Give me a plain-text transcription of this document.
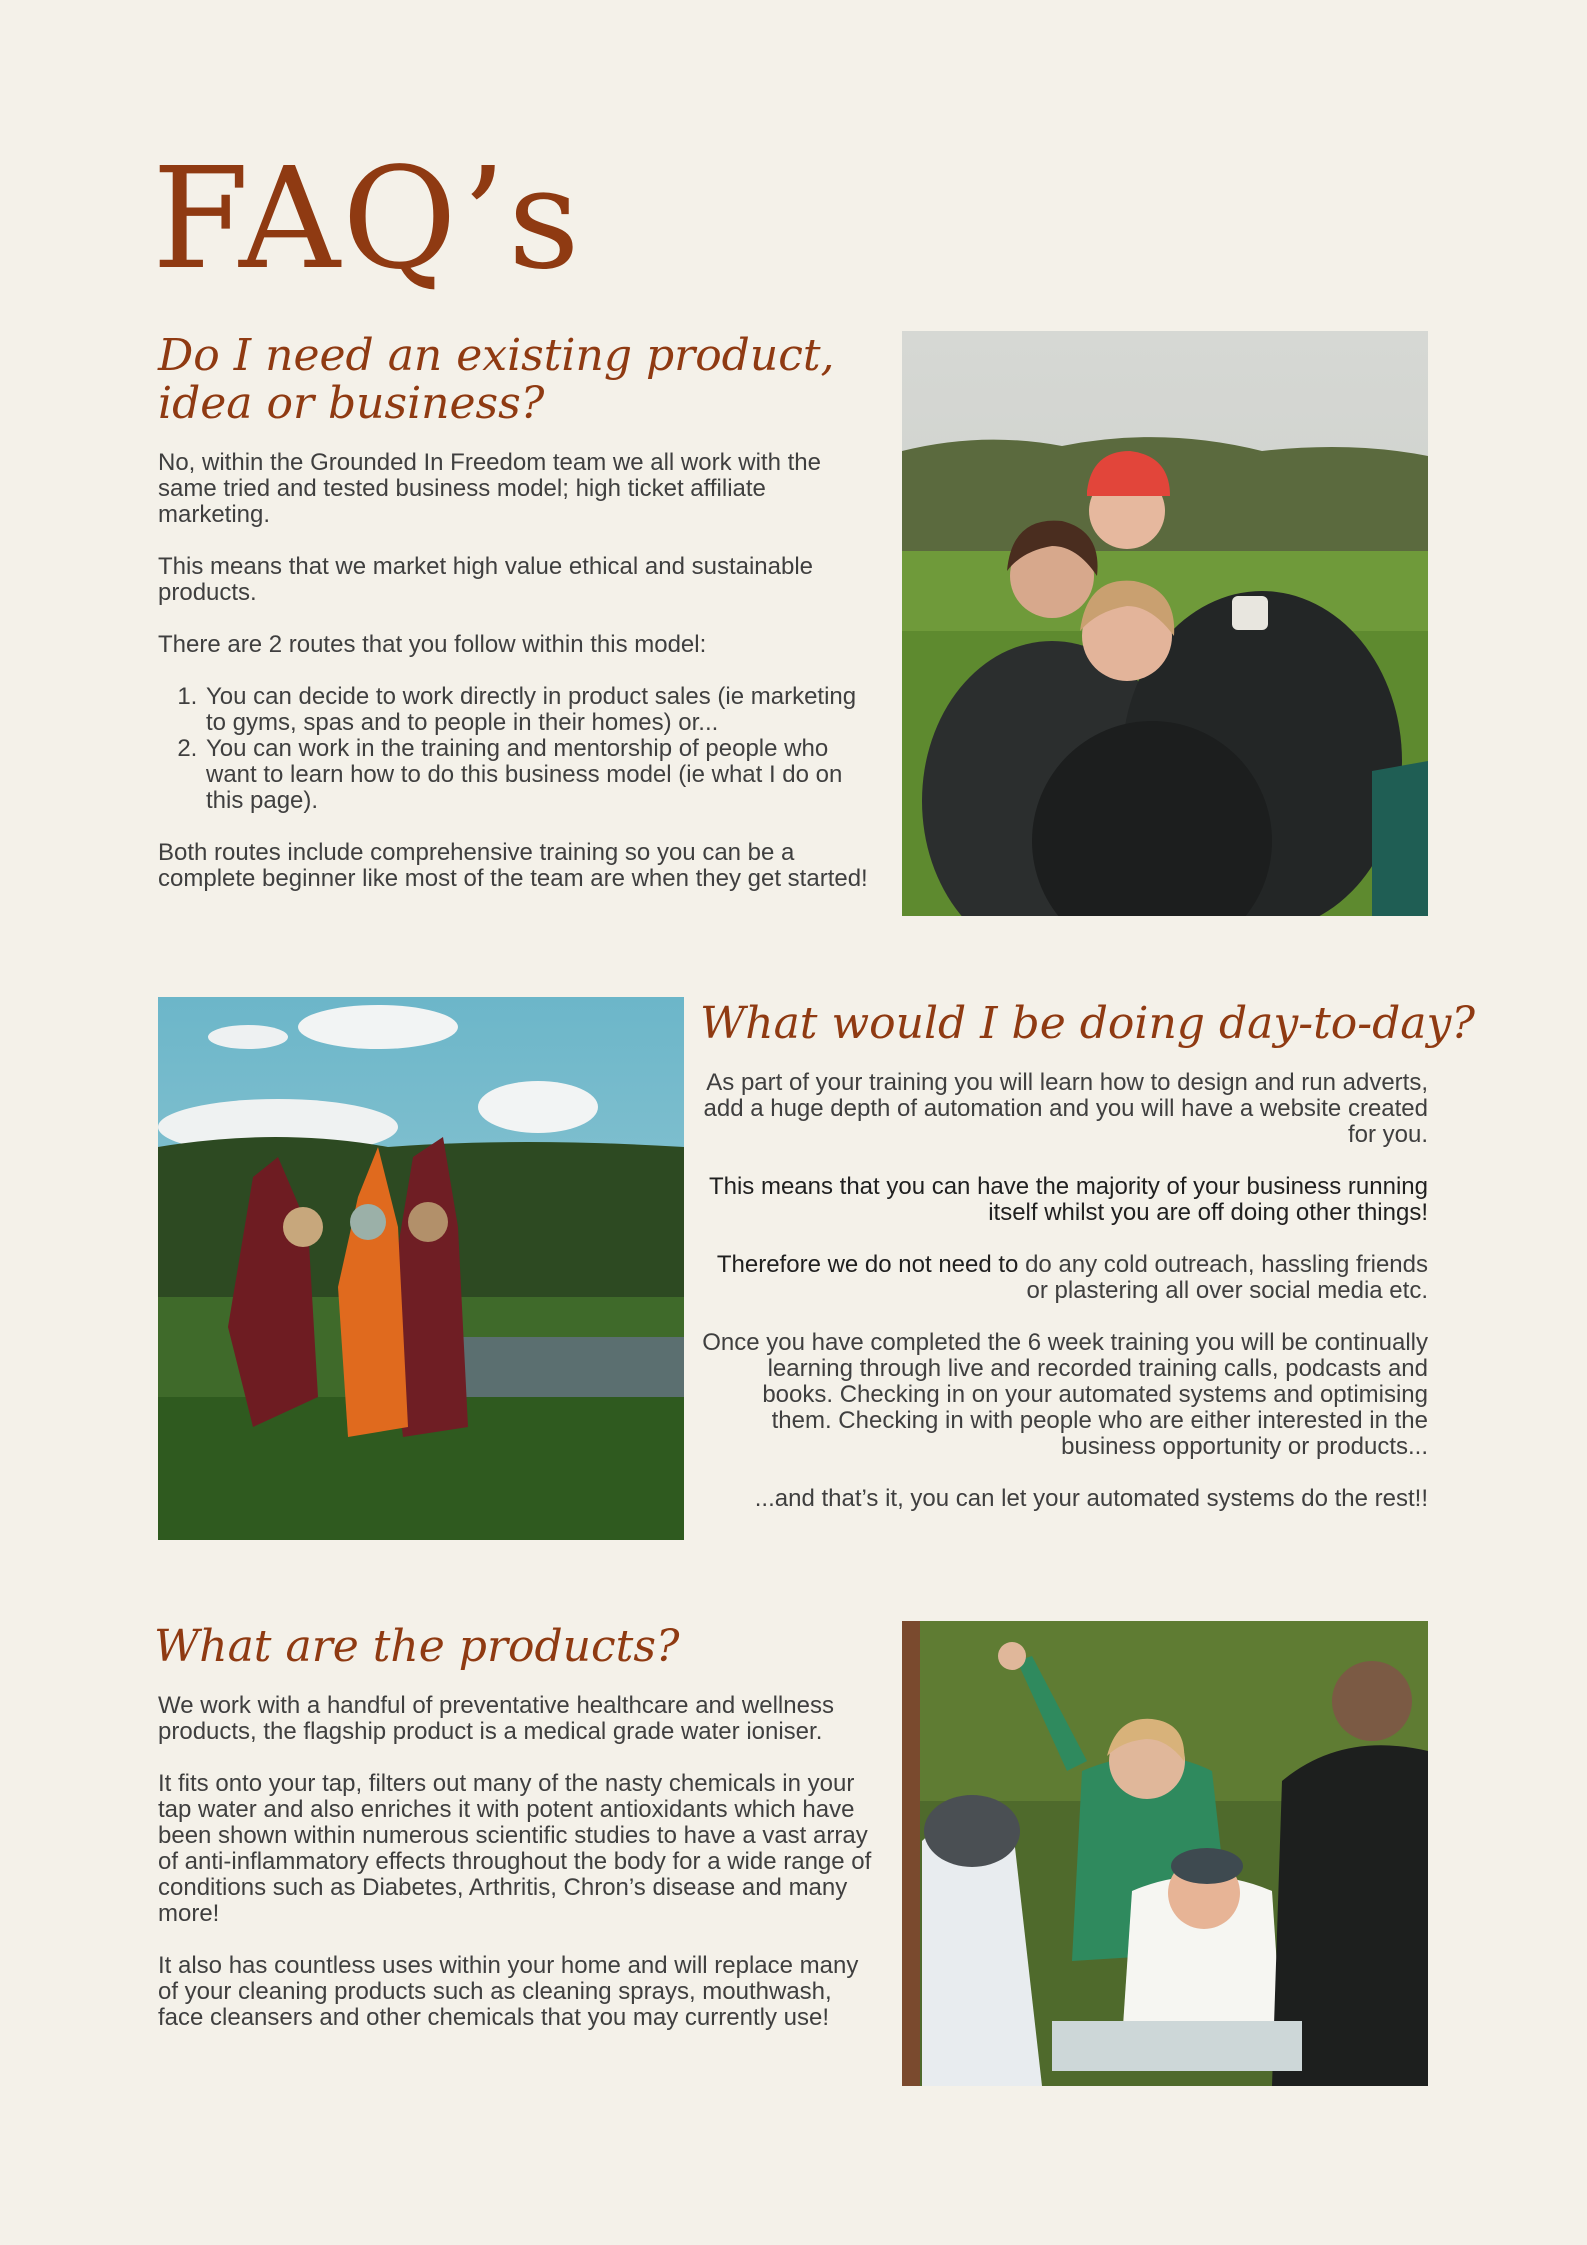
FAQ’s
Do I need an existing product, idea or business?

No, within the Grounded In Freedom team we all work with the same tried and tested business model; high ticket affiliate marketing.

This means that we market high value ethical and sustainable products.

There are 2 routes that you follow within this model:

1. You can decide to work directly in product sales (ie marketing to gyms, spas and to people in their homes) or...
2. You can work in the training and mentorship of people who want to learn how to do this business model (ie what I do on this page).

Both routes include comprehensive training so you can be a complete beginner like most of the team are when they get started!

What would I be doing day-to-day?

As part of your training you will learn how to design and run adverts, add a huge depth of automation and you will have a website created for you.

This means that you can have the majority of your business running itself whilst you are off doing other things!

Therefore we do not need to do any cold outreach, hassling friends or plastering all over social media etc.

Once you have completed the 6 week training you will be continually learning through live and recorded training calls, podcasts and books. Checking in on your automated systems and optimising them. Checking in with people who are either interested in the business opportunity or products...

...and that’s it, you can let your automated systems do the rest!!

What are the products?

We work with a handful of preventative healthcare and wellness products, the flagship product is a medical grade water ioniser.

It fits onto your tap, filters out many of the nasty chemicals in your tap water and also enriches it with potent antioxidants which have been shown within numerous scientific studies to have a vast array of anti-inflammatory effects throughout the body for a wide range of conditions such as Diabetes, Arthritis, Chron’s disease and many more!

It also has countless uses within your home and will replace many of your cleaning products such as cleaning sprays, mouthwash, face cleansers and other chemicals that you may currently use!
